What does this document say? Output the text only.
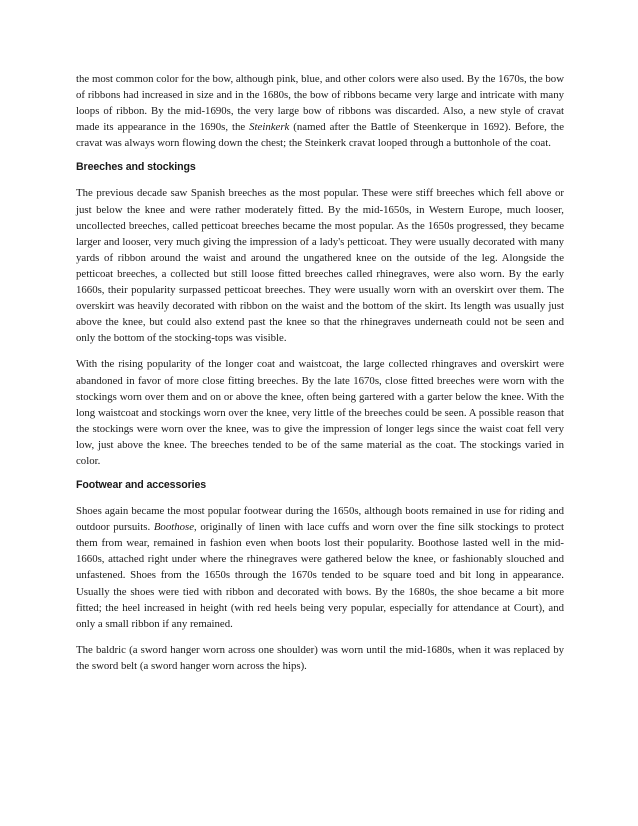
the most common color for the bow, although pink, blue, and other colors were also used. By the 1670s, the bow of ribbons had increased in size and in the 1680s, the bow of ribbons became very large and intricate with many loops of ribbon. By the mid-1690s, the very large bow of ribbons was discarded. Also, a new style of cravat made its appearance in the 1690s, the Steinkerk (named after the Battle of Steenkerque in 1692). Before, the cravat was always worn flowing down the chest; the Steinkerk cravat looped through a buttonhole of the coat.

Breeches and stockings

The previous decade saw Spanish breeches as the most popular. These were stiff breeches which fell above or just below the knee and were rather moderately fitted. By the mid-1650s, in Western Europe, much looser, uncollected breeches, called petticoat breeches became the most popular. As the 1650s progressed, they became larger and looser, very much giving the impression of a lady's petticoat. They were usually decorated with many yards of ribbon around the waist and around the ungathered knee on the outside of the leg. Alongside the petticoat breeches, a collected but still loose fitted breeches called rhinegraves, were also worn. By the early 1660s, their popularity surpassed petticoat breeches. They were usually worn with an overskirt over them. The overskirt was heavily decorated with ribbon on the waist and the bottom of the skirt. Its length was usually just above the knee, but could also extend past the knee so that the rhinegraves underneath could not be seen and only the bottom of the stocking-tops was visible.

With the rising popularity of the longer coat and waistcoat, the large collected rhingraves and overskirt were abandoned in favor of more close fitting breeches. By the late 1670s, close fitted breeches were worn with the stockings worn over them and on or above the knee, often being gartered with a garter below the knee. With the long waistcoat and stockings worn over the knee, very little of the breeches could be seen. A possible reason that the stockings were worn over the knee, was to give the impression of longer legs since the waist coat fell very low, just above the knee. The breeches tended to be of the same material as the coat. The stockings varied in color.

Footwear and accessories

Shoes again became the most popular footwear during the 1650s, although boots remained in use for riding and outdoor pursuits. Boothose, originally of linen with lace cuffs and worn over the fine silk stockings to protect them from wear, remained in fashion even when boots lost their popularity. Boothose lasted well in the mid-1660s, attached right under where the rhinegraves were gathered below the knee, or fashionably slouched and unfastened. Shoes from the 1650s through the 1670s tended to be square toed and bit long in appearance. Usually the shoes were tied with ribbon and decorated with bows. By the 1680s, the shoe became a bit more fitted; the heel increased in height (with red heels being very popular, especially for attendance at Court), and only a small ribbon if any remained.

The baldric (a sword hanger worn across one shoulder) was worn until the mid-1680s, when it was replaced by the sword belt (a sword hanger worn across the hips).
